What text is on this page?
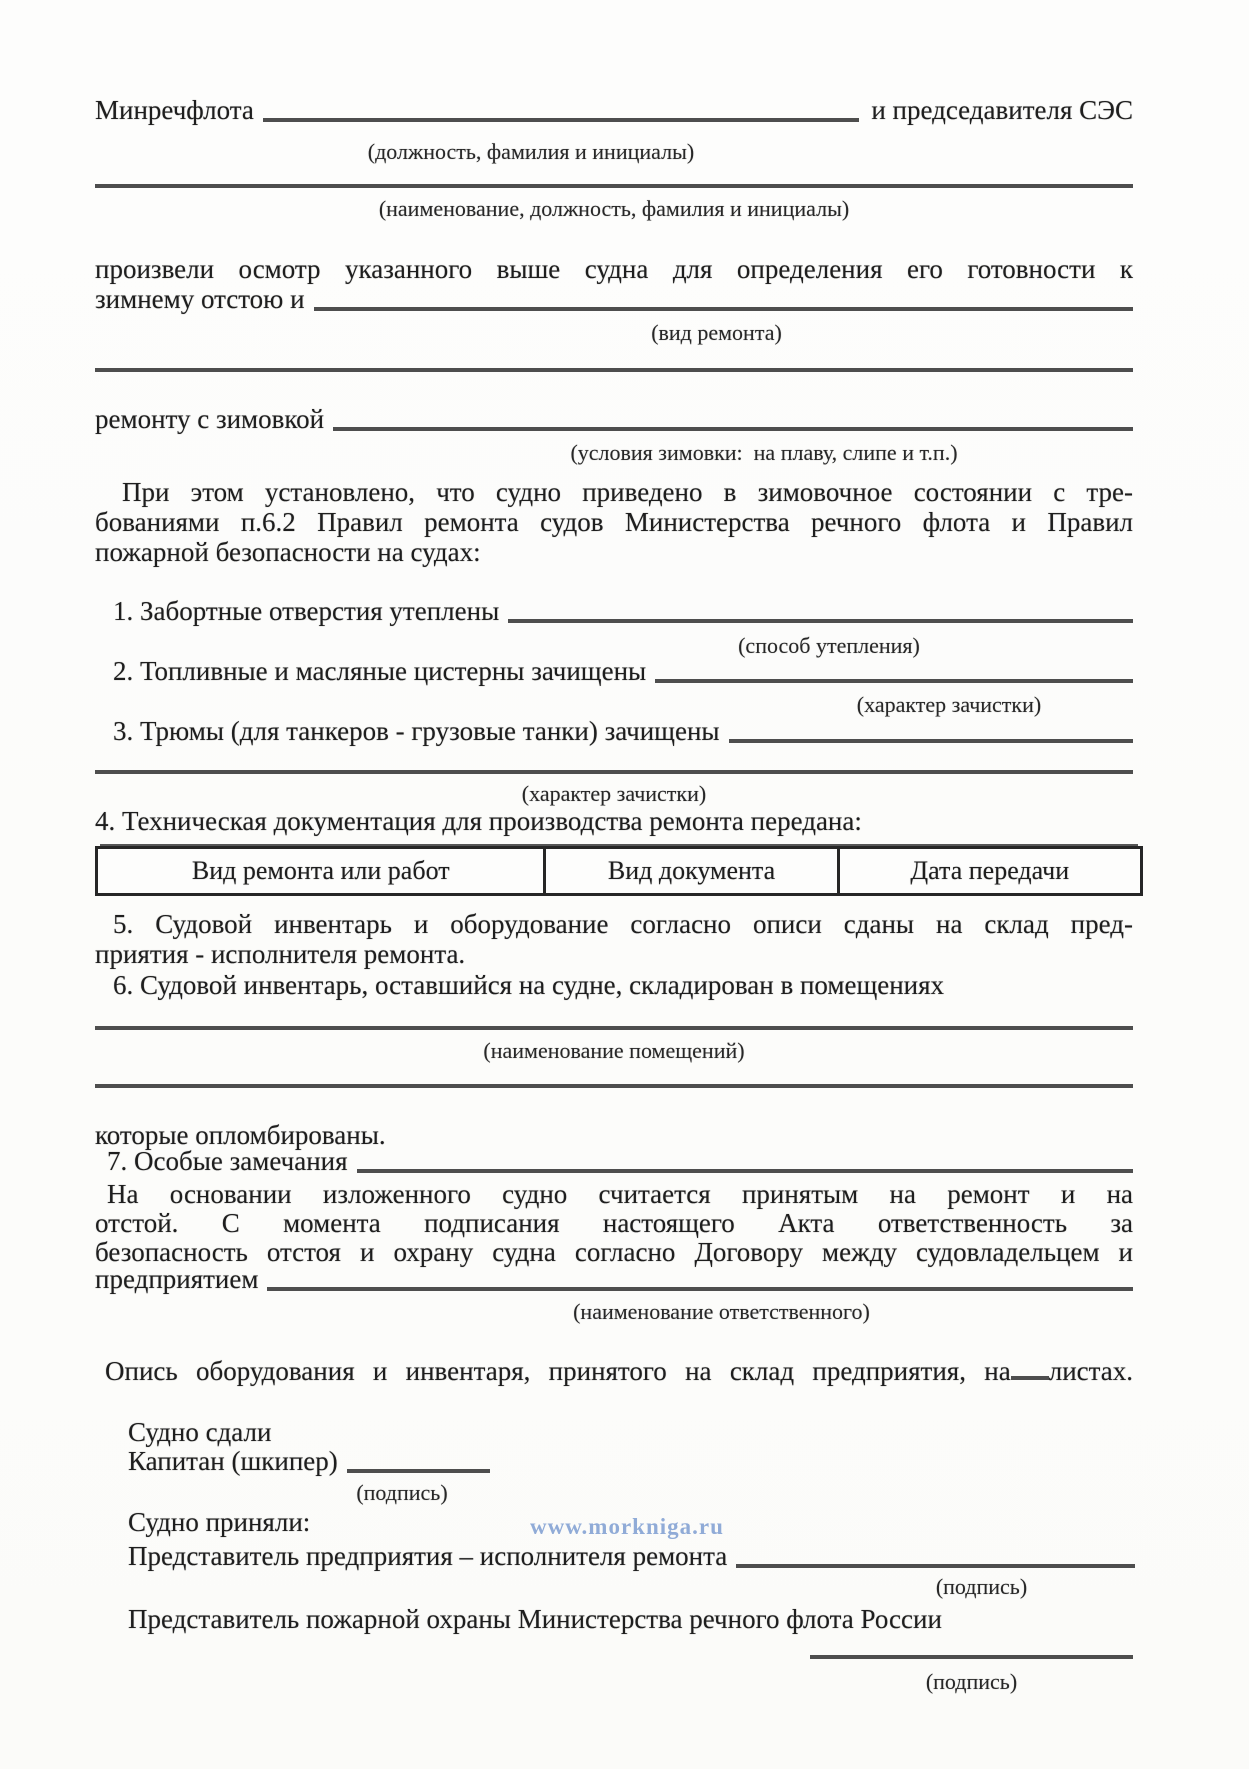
Минречфлота	и председавителя СЭС
(должность, фамилия и инициалы)
(наименование, должность, фамилия и инициалы)
произвели осмотр указанного выше судна для определения его готовности к
зимнему отстою и
(вид ремонта)
ремонту с зимовкой
(условия зимовки:  на плаву, слипе и т.п.)
При этом установлено, что судно приведено в зимовочное состоянии с тре-
бованиями п.6.2 Правил ремонта судов Министерства речного флота и Правил
пожарной безопасности на судах:
1. Забортные отверстия утеплены
(способ утепления)
2. Топливные и масляные цистерны зачищены
(характер зачистки)
3. Трюмы (для танкеров - грузовые танки) зачищены
(характер зачистки)
4. Техническая документация для производства ремонта передана:
Вид ремонта или работ	Вид документа	Дата передачи
5. Судовой инвентарь и оборудование согласно описи сданы на склад пред-
приятия - исполнителя ремонта.
6. Судовой инвентарь, оставшийся на судне, складирован в помещениях
(наименование помещений)
которые опломбированы.
7. Особые замечания
На основании изложенного судно считается принятым на ремонт и на
отстой. С момента подписания настоящего Акта ответственность за
безопасность отстоя и охрану судна согласно Договору между судовладельцем и
предприятием
(наименование ответственного)
Опись оборудования и инвентаря, принятого на склад предприятия, на листах.
Судно сдали
Капитан (шкипер)
(подпись)
Судно приняли:	www.morkniga.ru
Представитель предприятия – исполнителя ремонта
(подпись)
Представитель пожарной охраны Министерства речного флота России
(подпись)
